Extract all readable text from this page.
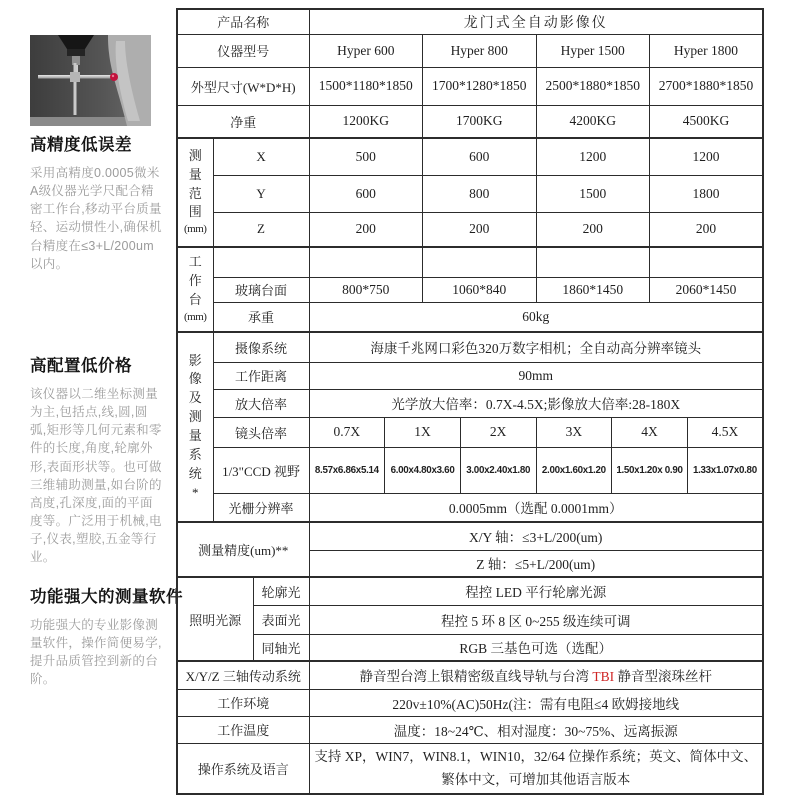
高精度低误差

采用高精度0.0005微米A级仪器光学尺配合精密工作台,移动平台质量轻、运动惯性小,确保机台精度在≤3+L/200um以内。

高配置低价格

该仪器以二维坐标测量为主,包括点,线,圆,圆弧,矩形等几何元素和零件的长度,角度,轮廓外形,表面形状等。也可做三维辅助测量,如台阶的高度,孔深度,面的平面度等。广泛用于机械,电子,仪表,塑胶,五金等行业。

功能强大的测量软件

功能强大的专业影像测量软件，操作简便易学,提升品质管控到新的台阶。

产品名称			龙门式全自动影像仪							
仪器型号			Hyper 600		Hyper 800		Hyper 1500		Hyper 1800	
外型尺寸(W*D*H)			1500*1180*1850		1700*1280*1850		2500*1880*1850		2700*1880*1850	
净重			1200KG		1700KG		4200KG		4500KG	

测
量
范
围
(mm)	X		500		600		1200		1200	
	Y		600		800		1500		1800	
	Z		200		200		200		200	

工
作
台
(mm)										

	玻璃台面		800*750		1060*840		1860*1450		2060*1450	
	承重		60kg							

影
像
及
测
量
系
统
*
	摄像系统	海康千兆网口彩色320万数字相机；全自动高分辨率镜头
	工作距离		90mm							
	放大倍率		光学放大倍率：0.7X-4.5X;影像放大倍率:28-180X							
	镜头倍率		0.7X	1X		2X	3X	4X		4.5X
	1/3"CCD 视野		8.57x6.86x5.14	6.00x4.80x3.60		3.00x2.40x1.80	2.00x1.60x1.20	1.50x1.20x 0.90		1.33x1.07x0.80
	光栅分辨率		0.0005mm（选配 0.0001mm）							
测量精度(um)**			X/Y 轴：≤3+L/200(um)							
			Z 轴：≤5+L/200(um)							
照明光源		轮廓光	程控 LED 平行轮廓光源							
		表面光	程控 5 环 8 区 0~255 级连续可调							
		同轴光	RGB 三基色可选（选配）							
X/Y/Z 三轴传动系统			静音型台湾上银精密级直线导轨与台湾 TBI 静音型滚珠丝杆							
工作环境			220v±10%(AC)50Hz(注：需有电阻≤4 欧姆接地线							
工作温度			温度：18~24℃、相对湿度：30~75%、远离振源							
操作系统及语言			支持 XP，WIN7，WIN8.1，WIN10，32/64 位操作系统；英文、简体中文、繁体中文，可增加其他语言版本							
